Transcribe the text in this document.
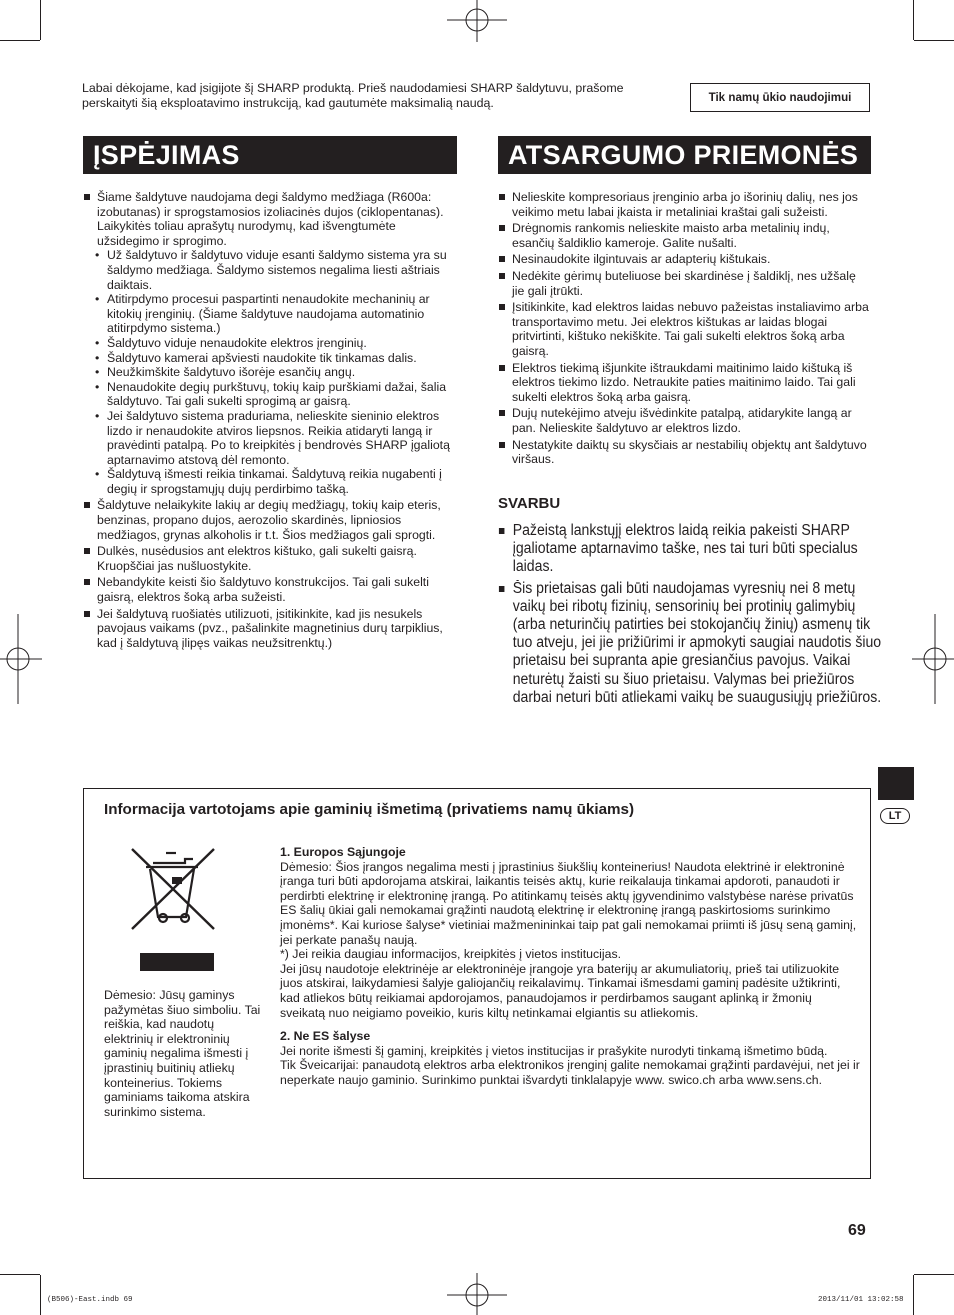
Labai dėkojame, kad įsigijote šį SHARP produktą. Prieš naudodamiesi SHARP šaldytuvu, prašome perskaityti šią eksploatavimo instrukciją, kad gautumėte maksimalią naudą.	Tik namų ūkio naudojimui
ĮSPĖJIMAS	ATSARGUMO PRIEMONĖS
Šiame šaldytuve naudojama degi šaldymo medžiaga (R600a: izobutanas) ir sprogstamosios izoliacinės dujos (ciklopentanas). Laikykitės toliau aprašytų nurodymų, kad išvengtumėte užsidegimo ir sprogimo.
• Už šaldytuvo ir šaldytuvo viduje esanti šaldymo sistema yra su šaldymo medžiaga. Šaldymo sistemos negalima liesti aštriais daiktais.
• Atitirpdymo procesui paspartinti nenaudokite mechaninių ar kitokių įrenginių. (Šiame šaldytuve naudojama automatinio atitirpdymo sistema.)
• Šaldytuvo viduje nenaudokite elektros įrenginių.
• Šaldytuvo kamerai apšviesti naudokite tik tinkamas dalis.
• Neužkimškite šaldytuvo išorėje esančių angų.
• Nenaudokite degių purkštuvų, tokių kaip purškiami dažai, šalia šaldytuvo. Tai gali sukelti sprogimą ar gaisrą.
• Jei šaldytuvo sistema praduriama, nelieskite sieninio elektros lizdo ir nenaudokite atviros liepsnos. Reikia atidaryti langą ir pravėdinti patalpą. Po to kreipkitės į bendrovės SHARP įgaliotą aptarnavimo atstovą dėl remonto.
• Šaldytuvą išmesti reikia tinkamai. Šaldytuvą reikia nugabenti į degių ir sprogstamųjų dujų perdirbimo tašką.
Šaldytuve nelaikykite lakių ar degių medžiagų, tokių kaip eteris, benzinas, propano dujos, aerozolio skardinės, lipniosios medžiagos, grynas alkoholis ir t.t. Šios medžiagos gali sprogti.
Dulkės, nusėdusios ant elektros kištuko, gali sukelti gaisrą. Kruopščiai jas nušluostykite.
Nebandykite keisti šio šaldytuvo konstrukcijos. Tai gali sukelti gaisrą, elektros šoką arba sužeisti.
Jei šaldytuvą ruošiatės utilizuoti, įsitikinkite, kad jis nesukels pavojaus vaikams (pvz., pašalinkite magnetinius durų tarpiklius, kad į šaldytuvą įlipęs vaikas neužsitrenktų.)
Nelieskite kompresoriaus įrenginio arba jo išorinių dalių, nes jos veikimo metu labai įkaista ir metaliniai kraštai gali sužeisti.
Drėgnomis rankomis nelieskite maisto arba metalinių indų, esančių šaldiklio kameroje. Galite nušalti.
Nesinaudokite ilgintuvais ar adapterių kištukais.
Nedėkite gėrimų buteliuose bei skardinėse į šaldiklį, nes užšalę jie gali įtrūkti.
Įsitikinkite, kad elektros laidas nebuvo pažeistas instaliavimo arba transportavimo metu. Jei elektros kištukas ar laidas blogai pritvirtinti, kištuko nekiškite. Tai gali sukelti elektros šoką arba gaisrą.
Elektros tiekimą išjunkite ištraukdami maitinimo laido kištuką iš elektros tiekimo lizdo. Netraukite paties maitinimo laido. Tai gali sukelti elektros šoką arba gaisrą.
Dujų nutekėjimo atveju išvėdinkite patalpą, atidarykite langą ar pan. Nelieskite šaldytuvo ar elektros lizdo.
Nestatykite daiktų su skysčiais ar nestabilių objektų ant šaldytuvo viršaus.
SVARBU
Pažeistą lankstųjį elektros laidą reikia pakeisti SHARP įgaliotame aptarnavimo taške, nes tai turi būti specialus laidas.
Šis prietaisas gali būti naudojamas vyresnių nei 8 metų vaikų bei ribotų fizinių, sensorinių bei protinių galimybių (arba neturinčių patirties bei stokojančių žinių) asmenų tik tuo atveju, jei jie prižiūrimi ir apmokyti saugiai naudotis šiuo prietaisu bei supranta apie gresiančius pavojus. Vaikai neturėtų žaisti su šiuo prietaisu. Valymas bei priežiūros darbai neturi būti atliekami vaikų be suaugusiųjų priežiūros.
LT
Informacija vartotojams apie gaminių išmetimą (privatiems namų ūkiams)
Dėmesio: Jūsų gaminys pažymėtas šiuo simboliu. Tai reiškia, kad naudotų elektrinių ir elektroninių gaminių negalima išmesti į įprastinių buitinių atliekų konteinerius. Tokiems gaminiams taikoma atskira surinkimo sistema.
1. Europos Sąjungoje
Dėmesio: Šios įrangos negalima mesti į įprastinius šiukšlių konteinerius! Naudota elektrinė ir elektroninė įranga turi būti apdorojama atskirai, laikantis teisės aktų, kurie reikalauja tinkamai apdoroti, panaudoti ir perdirbti elektrinę ir elektroninę įrangą. Po atitinkamų teisės aktų įgyvendinimo valstybėse narėse privatūs ES šalių ūkiai gali nemokamai grąžinti naudotą elektrinę ir elektroninę įrangą paskirtosioms surinkimo įmonėms*. Kai kuriose šalyse* vietiniai mažmenininkai taip pat gali nemokamai priimti iš jūsų seną gaminį, jei perkate panašų naują.
*) Jei reikia daugiau informacijos, kreipkitės į vietos institucijas.
Jei jūsų naudotoje elektrinėje ar elektroninėje įrangoje yra baterijų ar akumuliatorių, prieš tai utilizuokite juos atskirai, laikydamiesi šalyje galiojančių reikalavimų. Tinkamai išmesdami gaminį padėsite užtikrinti, kad atliekos būtų reikiamai apdorojamos, panaudojamos ir perdirbamos saugant aplinką ir žmonių sveikatą nuo neigiamo poveikio, kuris kiltų netinkamai elgiantis su atliekomis.
2. Ne ES šalyse
Jei norite išmesti šį gaminį, kreipkitės į vietos institucijas ir prašykite nurodyti tinkamą išmetimo būdą.
Tik Šveicarijai: panaudotą elektros arba elektronikos įrenginį galite nemokamai grąžinti pardavėjui, net jei ir neperkate naujo gaminio. Surinkimo punktai išvardyti tinklalapyje www. swico.ch arba www.sens.ch.
69
(B506)-East.indb 69	2013/11/01 13:02:58
